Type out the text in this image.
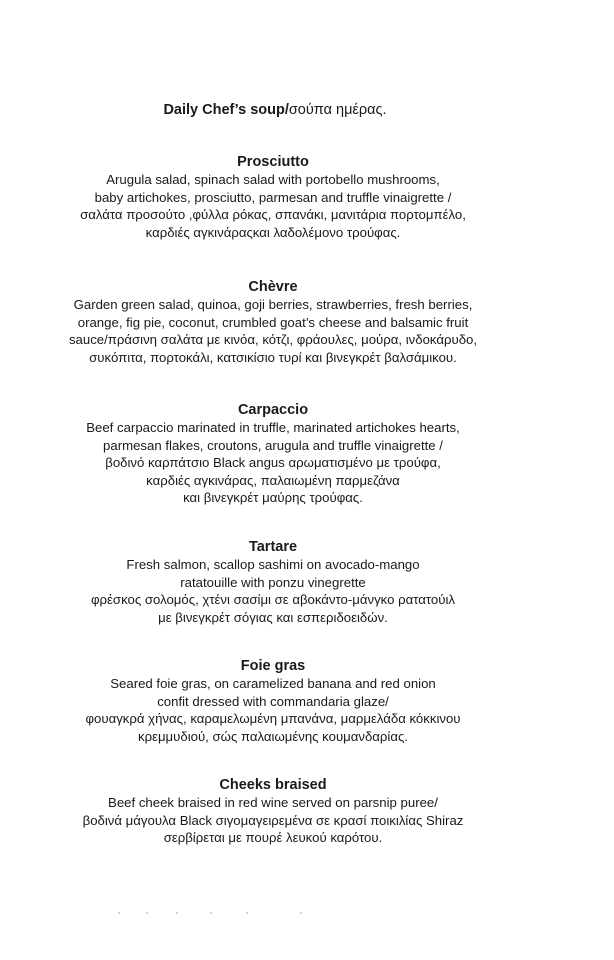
Daily Chef’s soup/σούπα ημέρας.
Prosciutto
Arugula salad, spinach salad with portobello mushrooms,
baby artichokes, prosciutto, parmesan and truffle vinaigrette /
σαλάτα προσούτο ,φύλλα ρόκας, σπανάκι, μανιτάρια πορτομπέλο,
καρδιές αγκινάραςκαι λαδολέμονο τρούφας.
Chèvre
Garden green salad, quinoa, goji berries, strawberries, fresh berries,
orange, fig pie, coconut, crumbled goat’s cheese and balsamic fruit
sauce/πράσινη σαλάτα με κινόα, κότζι, φράουλες, μούρα, ινδοκάρυδο,
συκόπιτα, πορτοκάλι, κατσικίσιο τυρί και βινεγκρέτ βαλσάμικου.
Carpaccio
Beef carpaccio marinated in truffle, marinated artichokes hearts,
parmesan flakes, croutons, arugula and truffle vinaigrette /
βοδινό καρπάτσιο Black angus αρωματισμένο με τρούφα,
καρδιές αγκινάρας, παλαιωμένη παρμεζάνα
και βινεγκρέτ μαύρης τρούφας.
Tartare
Fresh salmon, scallop sashimi on avocado-mango
ratatouille with ponzu vinegrette
φρέσκος σολομός, χτένι σασίμι σε αβοκάντο-μάνγκο ρατατούιλ
με βινεγκρέτ σόγιας και εσπεριδοειδών.
Foie gras
Seared foie gras, on caramelized banana and red onion
confit dressed with commandaria glaze/
φουαγκρά χήνας, καραμελωμένη μπανάνα, μαρμελάδα κόκκινου
κρεμμυδιού, σώς παλαιωμένης κουμανδαρίας.
Cheeks braised
Beef cheek braised in red wine served on parsnip puree/
βοδινά μάγουλα Black σιγομαγειρεμένα σε κρασί ποικιλίας Shiraz
σερβίρεται με πουρέ λευκού καρότου.
